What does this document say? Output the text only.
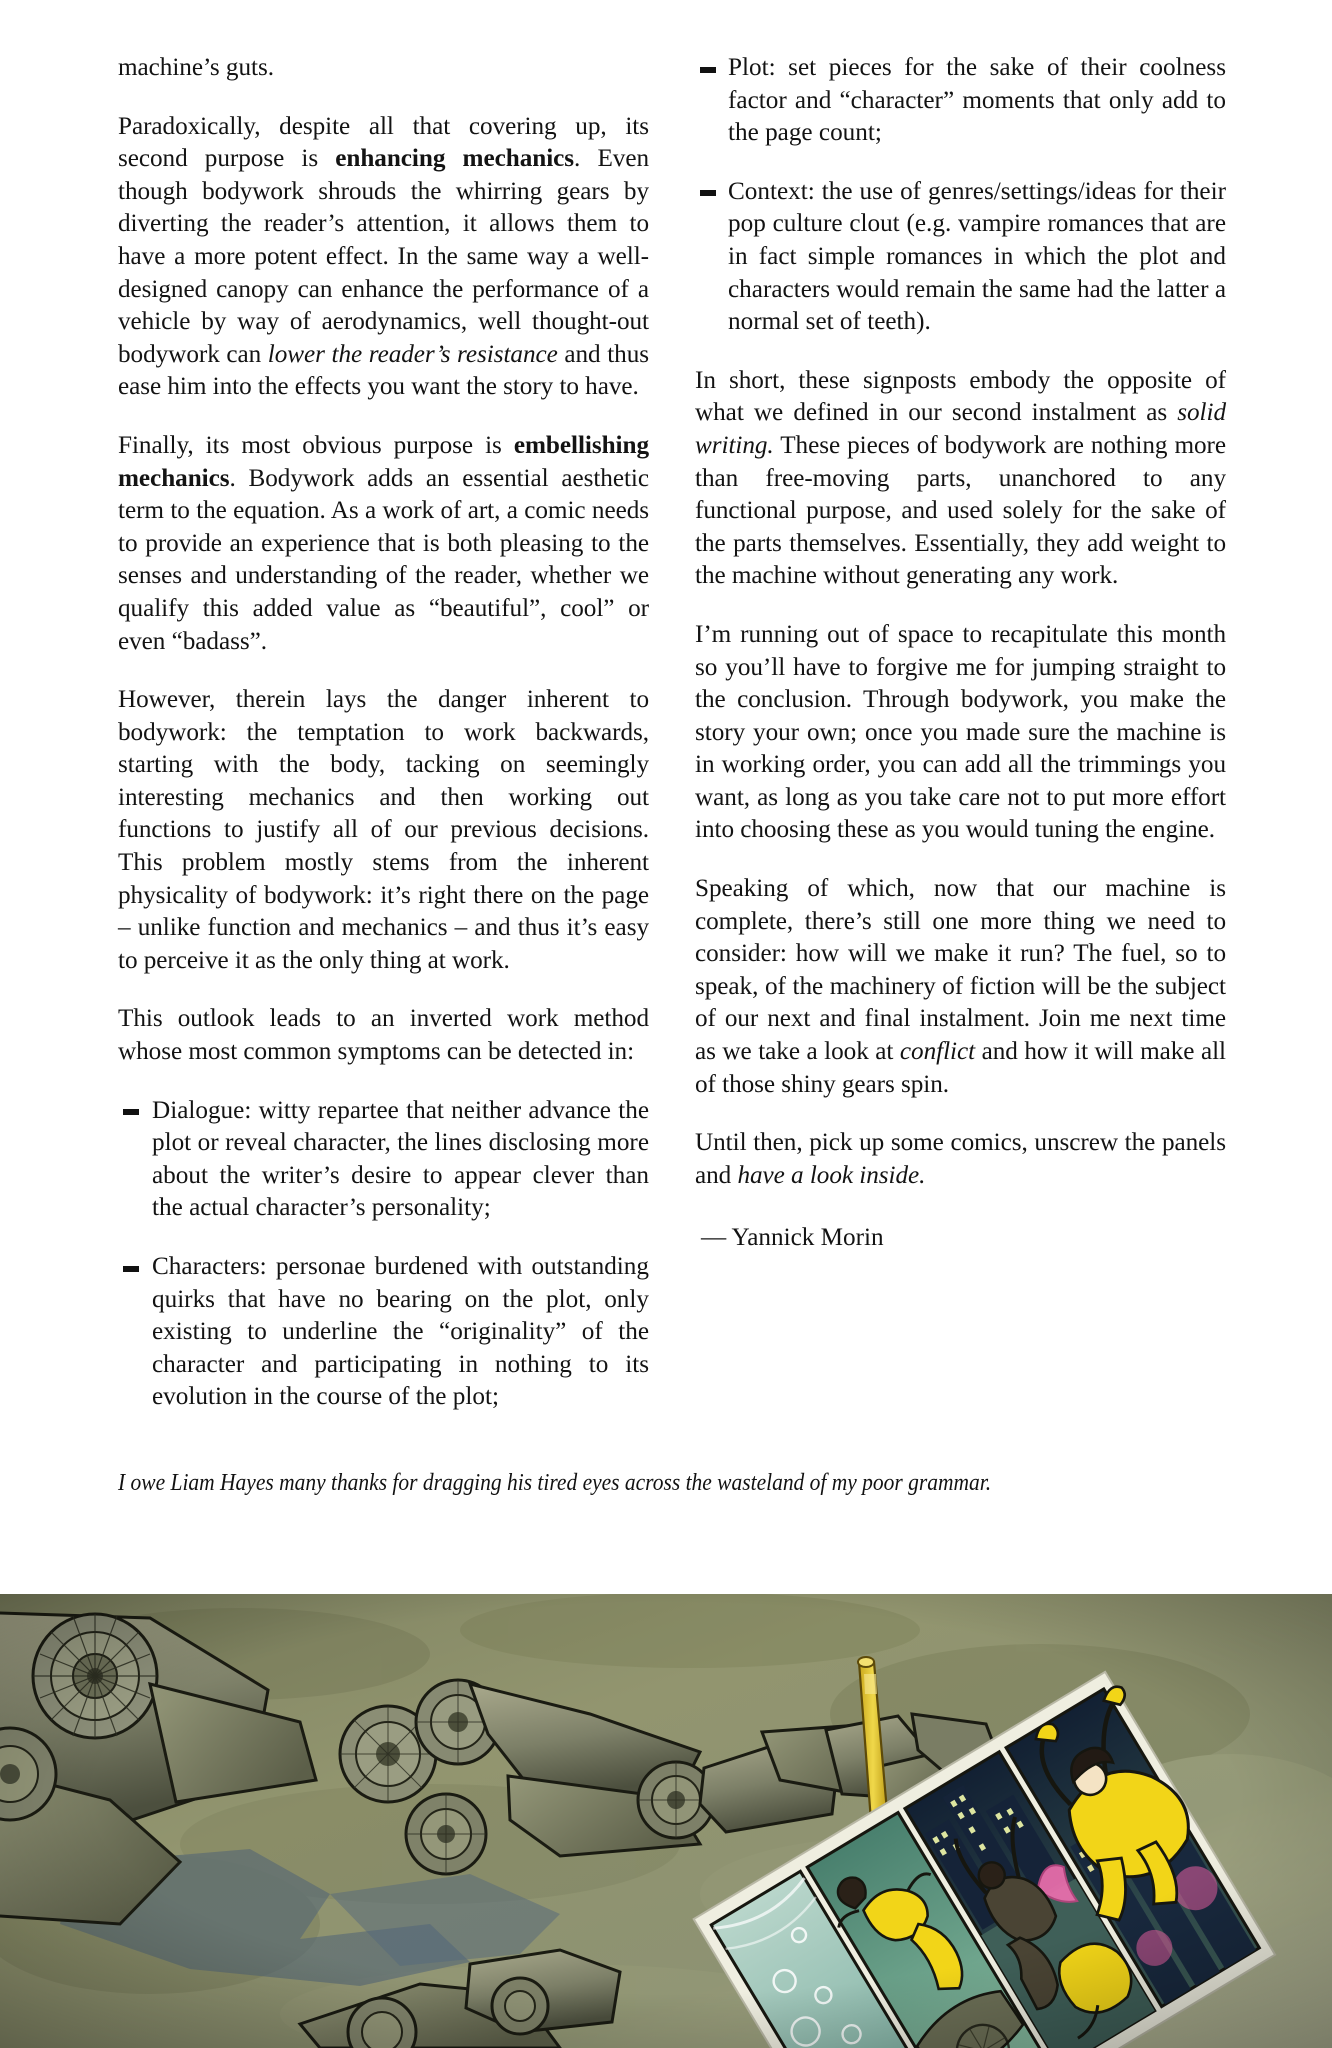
machine’s guts.

Paradoxically, despite all that covering up, its second purpose is enhancing mechanics. Even though bodywork shrouds the whirring gears by diverting the reader’s attention, it allows them to have a more potent effect. In the same way a well-designed canopy can enhance the performance of a vehicle by way of aerodynamics, well thought-out bodywork can lower the reader’s resistance and thus ease him into the effects you want the story to have.

Finally, its most obvious purpose is embellishing mechanics. Bodywork adds an essential aesthetic term to the equation. As a work of art, a comic needs to provide an experience that is both pleasing to the senses and understanding of the reader, whether we qualify this added value as “beautiful”, cool” or even “badass”.

However, therein lays the danger inherent to bodywork: the temptation to work backwards, starting with the body, tacking on seemingly interesting mechanics and then working out functions to justify all of our previous decisions. This problem mostly stems from the inherent physicality of bodywork: it’s right there on the page – unlike function and mechanics – and thus it’s easy to perceive it as the only thing at work.

This outlook leads to an inverted work method whose most common symptoms can be detected in:

Dialogue: witty repartee that neither advance the plot or reveal character, the lines disclosing more about the writer’s desire to appear clever than the actual character’s personality;
Characters: personae burdened with outstanding quirks that have no bearing on the plot, only existing to underline the “originality” of the character and participating in nothing to its evolution in the course of the plot;
Plot: set pieces for the sake of their coolness factor and “character” moments that only add to the page count;
Context: the use of genres/settings/ideas for their pop culture clout (e.g. vampire romances that are in fact simple romances in which the plot and characters would remain the same had the latter a normal set of teeth).

In short, these signposts embody the opposite of what we defined in our second instalment as solid writing. These pieces of bodywork are nothing more than free-moving parts, unanchored to any functional purpose, and used solely for the sake of the parts themselves. Essentially, they add weight to the machine without generating any work.

I’m running out of space to recapitulate this month so you’ll have to forgive me for jumping straight to the conclusion. Through bodywork, you make the story your own; once you made sure the machine is in working order, you can add all the trimmings you want, as long as you take care not to put more effort into choosing these as you would tuning the engine.

Speaking of which, now that our machine is complete, there’s still one more thing we need to consider: how will we make it run? The fuel, so to speak, of the machinery of fiction will be the subject of our next and final instalment. Join me next time as we take a look at conflict and how it will make all of those shiny gears spin.

Until then, pick up some comics, unscrew the panels and have a look inside.

— Yannick Morin

I owe Liam Hayes many thanks for dragging his tired eyes across the wasteland of my poor grammar.
